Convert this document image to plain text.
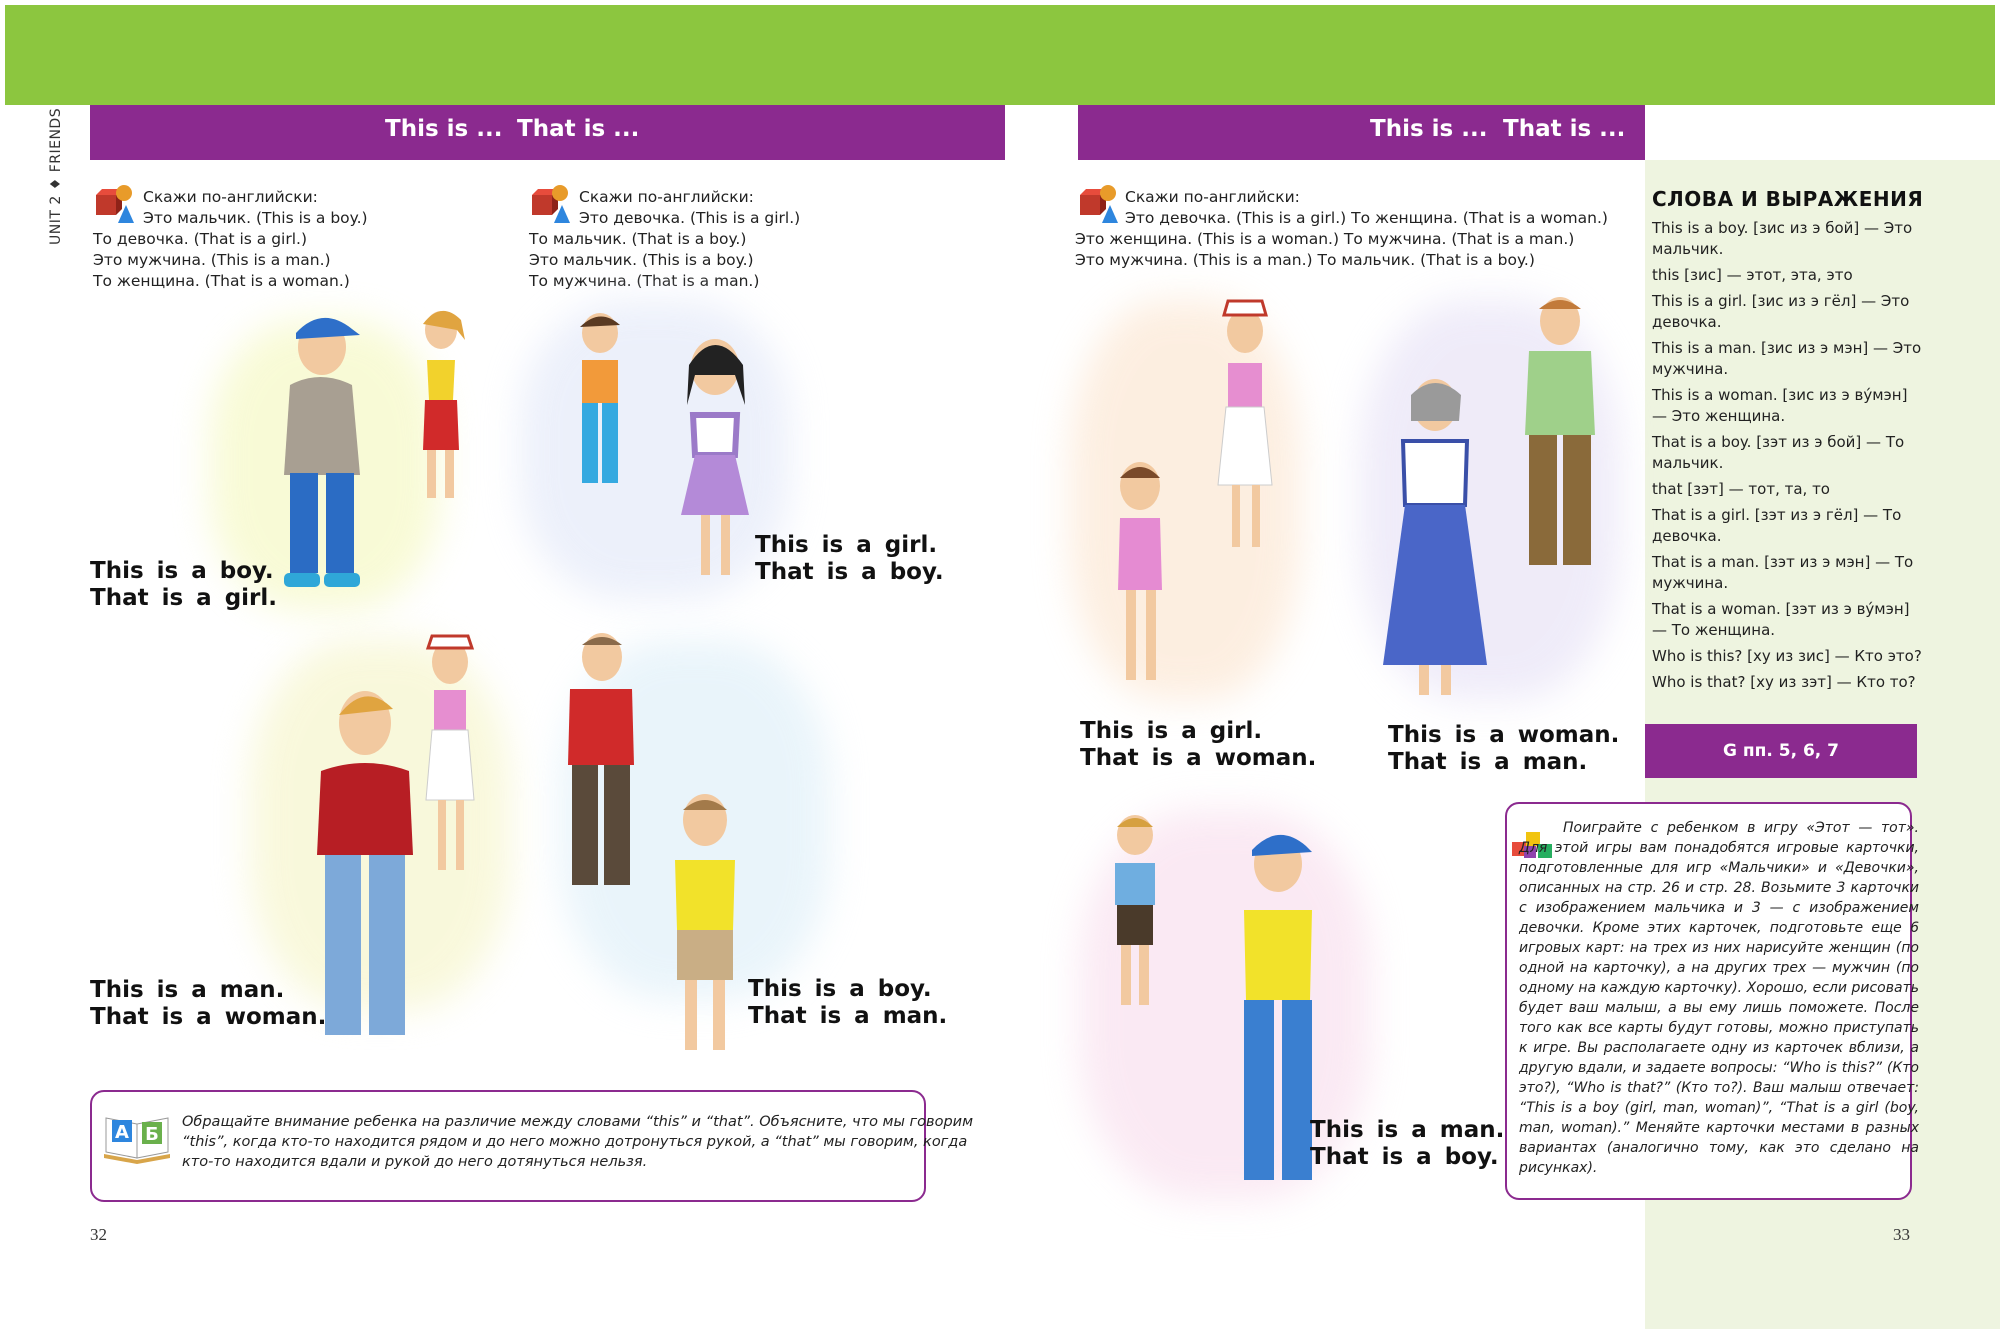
This is ... That is ...	This is ... That is ...
UNIT 2 ♦ FRIENDS	Скажи по-английски:
Это мальчик. (This is a boy.)
То девочка. (That is a girl.)
Это мужчина. (This is a man.)
То женщина. (That is a woman.)
Скажи по-английски:
Это девочка. (This is a girl.)
То мальчик. (That is a boy.)
Это мальчик. (This is a boy.)
То мужчина. (That is a man.)
Скажи по-английски:
Это девочка. (This is a girl.) То женщина. (That is a woman.)
Это женщина. (This is a woman.) То мужчина. (That is a man.)
Это мужчина. (This is a man.) То мальчик. (That is a boy.)
This is a boy.
That is a girl.
This is a girl.
That is a boy.
This is a man.
That is a woman.
This is a boy.
That is a man.
This is a girl.
That is a woman.
This is a woman.
That is a man.
This is a man.
That is a boy.
А Б
Обращайте внимание ребенка на различие между словами “this” и “that”. Объясните, что мы говорим “this”, когда кто-то находится рядом и до него можно дотронуться рукой, а “that” мы говорим, когда кто-то находится вдали и рукой до него дотянуться нельзя.
Поиграйте с ребенком в игру «Этот — тот». Для этой игры вам понадобятся игровые карточки, подготовленные для игр «Мальчики» и «Девочки», описанных на стр. 26 и стр. 28. Возьмите 3 карточки с изображением мальчика и 3 — с изображением девочки. Кроме этих карточек, подготовьте еще 6 игровых карт: на трех из них нарисуйте женщин (по одной на карточку), а на других трех — мужчин (по одному на каждую карточку). Хорошо, если рисовать будет ваш малыш, а вы ему лишь поможете. После того как все карты будут готовы, можно приступать к игре. Вы располагаете одну из карточек вблизи, а другую вдали, и задаете вопросы: “Who is this?” (Кто это?), “Who is that?” (Кто то?). Ваш малыш отвечает: “This is a boy (girl, man, woman)”, “That is a girl (boy, man, woman).” Меняйте карточки местами в разных вариантах (аналогично тому, как это сделано на рисунках).
СЛОВА И ВЫРАЖЕНИЯ
This is a boy. [зис из э бой] — Это мальчик.
this [зис] — этот, эта, это
This is a girl. [зис из э гёл] — Это девочка.
This is a man. [зис из э мэн] — Это мужчина.
This is a woman. [зис из э ву́мэн] — Это женщина.
That is a boy. [зэт из э бой] — То мальчик.
that [зэт] — тот, та, то
That is a girl. [зэт из э гёл] — То девочка.
That is a man. [зэт из э мэн] — То мужчина.
That is a woman. [зэт из э ву́мэн] — То женщина.
Who is this? [ху из зис] — Кто это?
Who is that? [ху из зэт] — Кто то?
G пп. 5, 6, 7
32	33
